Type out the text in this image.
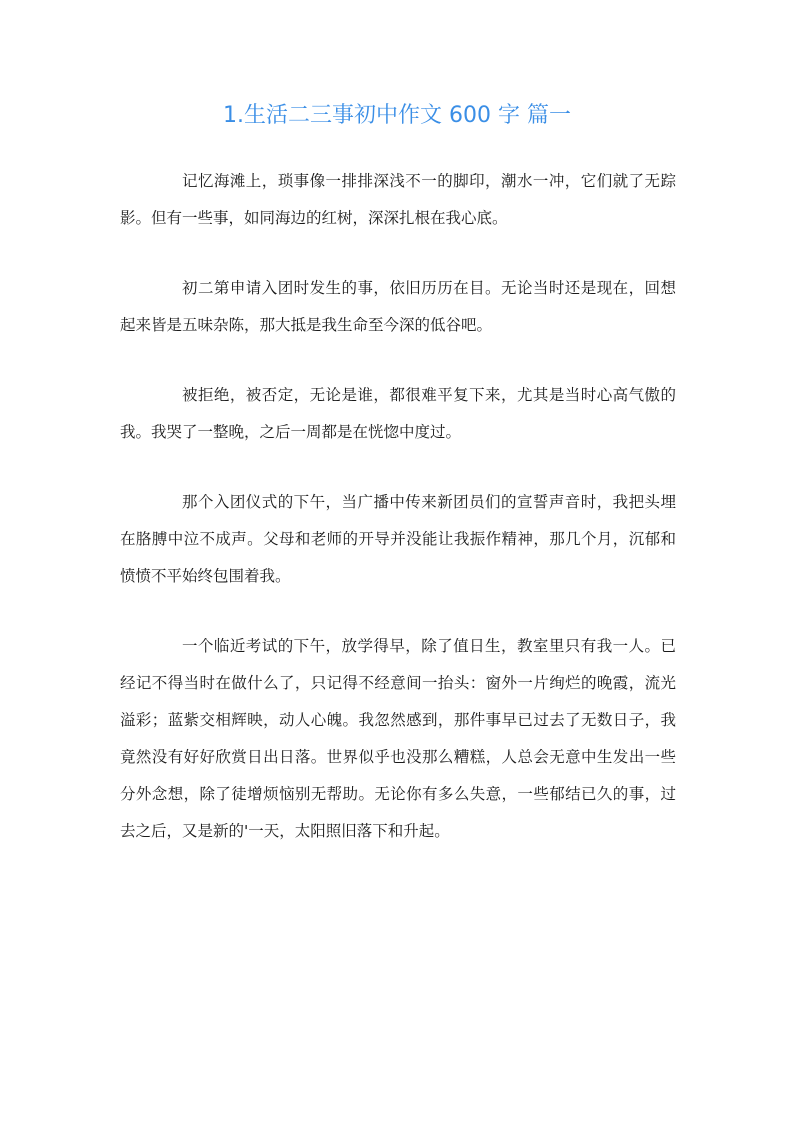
1.生活二三事初中作文 600 字 篇一

记忆海滩上，琐事像一排排深浅不一的脚印，潮水一冲，它们就了无踪影。但有一些事，如同海边的红树，深深扎根在我心底。

初二第申请入团时发生的事，依旧历历在目。无论当时还是现在，回想起来皆是五味杂陈，那大抵是我生命至今深的低谷吧。

被拒绝，被否定，无论是谁，都很难平复下来，尤其是当时心高气傲的我。我哭了一整晚，之后一周都是在恍惚中度过。

那个入团仪式的下午，当广播中传来新团员们的宣誓声音时，我把头埋在胳膊中泣不成声。父母和老师的开导并没能让我振作精神，那几个月，沉郁和愤愤不平始终包围着我。

一个临近考试的下午，放学得早，除了值日生，教室里只有我一人。已经记不得当时在做什么了，只记得不经意间一抬头：窗外一片绚烂的晚霞，流光溢彩；蓝紫交相辉映，动人心魄。我忽然感到，那件事早已过去了无数日子，我竟然没有好好欣赏日出日落。世界似乎也没那么糟糕，人总会无意中生发出一些分外念想，除了徒增烦恼别无帮助。无论你有多么失意，一些郁结已久的事，过去之后，又是新的'一天，太阳照旧落下和升起。
